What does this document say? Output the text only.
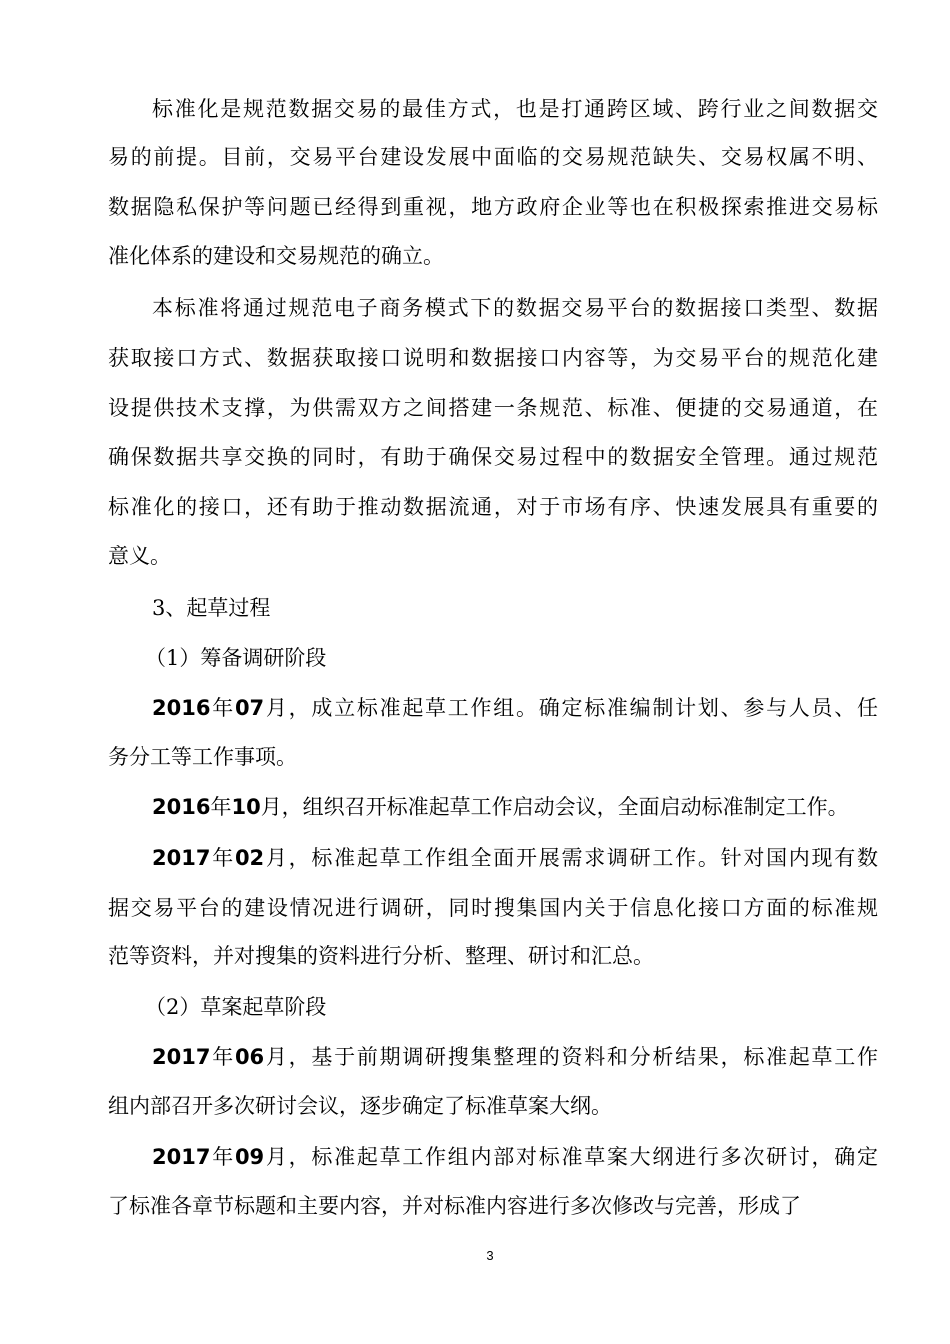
标准化是规范数据交易的最佳方式，也是打通跨区域、跨行业之间数据交
易的前提。目前，交易平台建设发展中面临的交易规范缺失、交易权属不明、
数据隐私保护等问题已经得到重视，地方政府企业等也在积极探索推进交易标
准化体系的建设和交易规范的确立。
本标准将通过规范电子商务模式下的数据交易平台的数据接口类型、数据
获取接口方式、数据获取接口说明和数据接口内容等，为交易平台的规范化建
设提供技术支撑，为供需双方之间搭建一条规范、标准、便捷的交易通道，在
确保数据共享交换的同时，有助于确保交易过程中的数据安全管理。通过规范
标准化的接口，还有助于推动数据流通，对于市场有序、快速发展具有重要的
意义。
3、起草过程
（1）筹备调研阶段
2016年07月，成立标准起草工作组。确定标准编制计划、参与人员、任
务分工等工作事项。
2016年10月，组织召开标准起草工作启动会议，全面启动标准制定工作。
2017年02月，标准起草工作组全面开展需求调研工作。针对国内现有数
据交易平台的建设情况进行调研，同时搜集国内关于信息化接口方面的标准规
范等资料，并对搜集的资料进行分析、整理、研讨和汇总。
（2）草案起草阶段
2017年06月，基于前期调研搜集整理的资料和分析结果，标准起草工作
组内部召开多次研讨会议，逐步确定了标准草案大纲。
2017年09月，标准起草工作组内部对标准草案大纲进行多次研讨，确定
了标准各章节标题和主要内容，并对标准内容进行多次修改与完善，形成了
3
